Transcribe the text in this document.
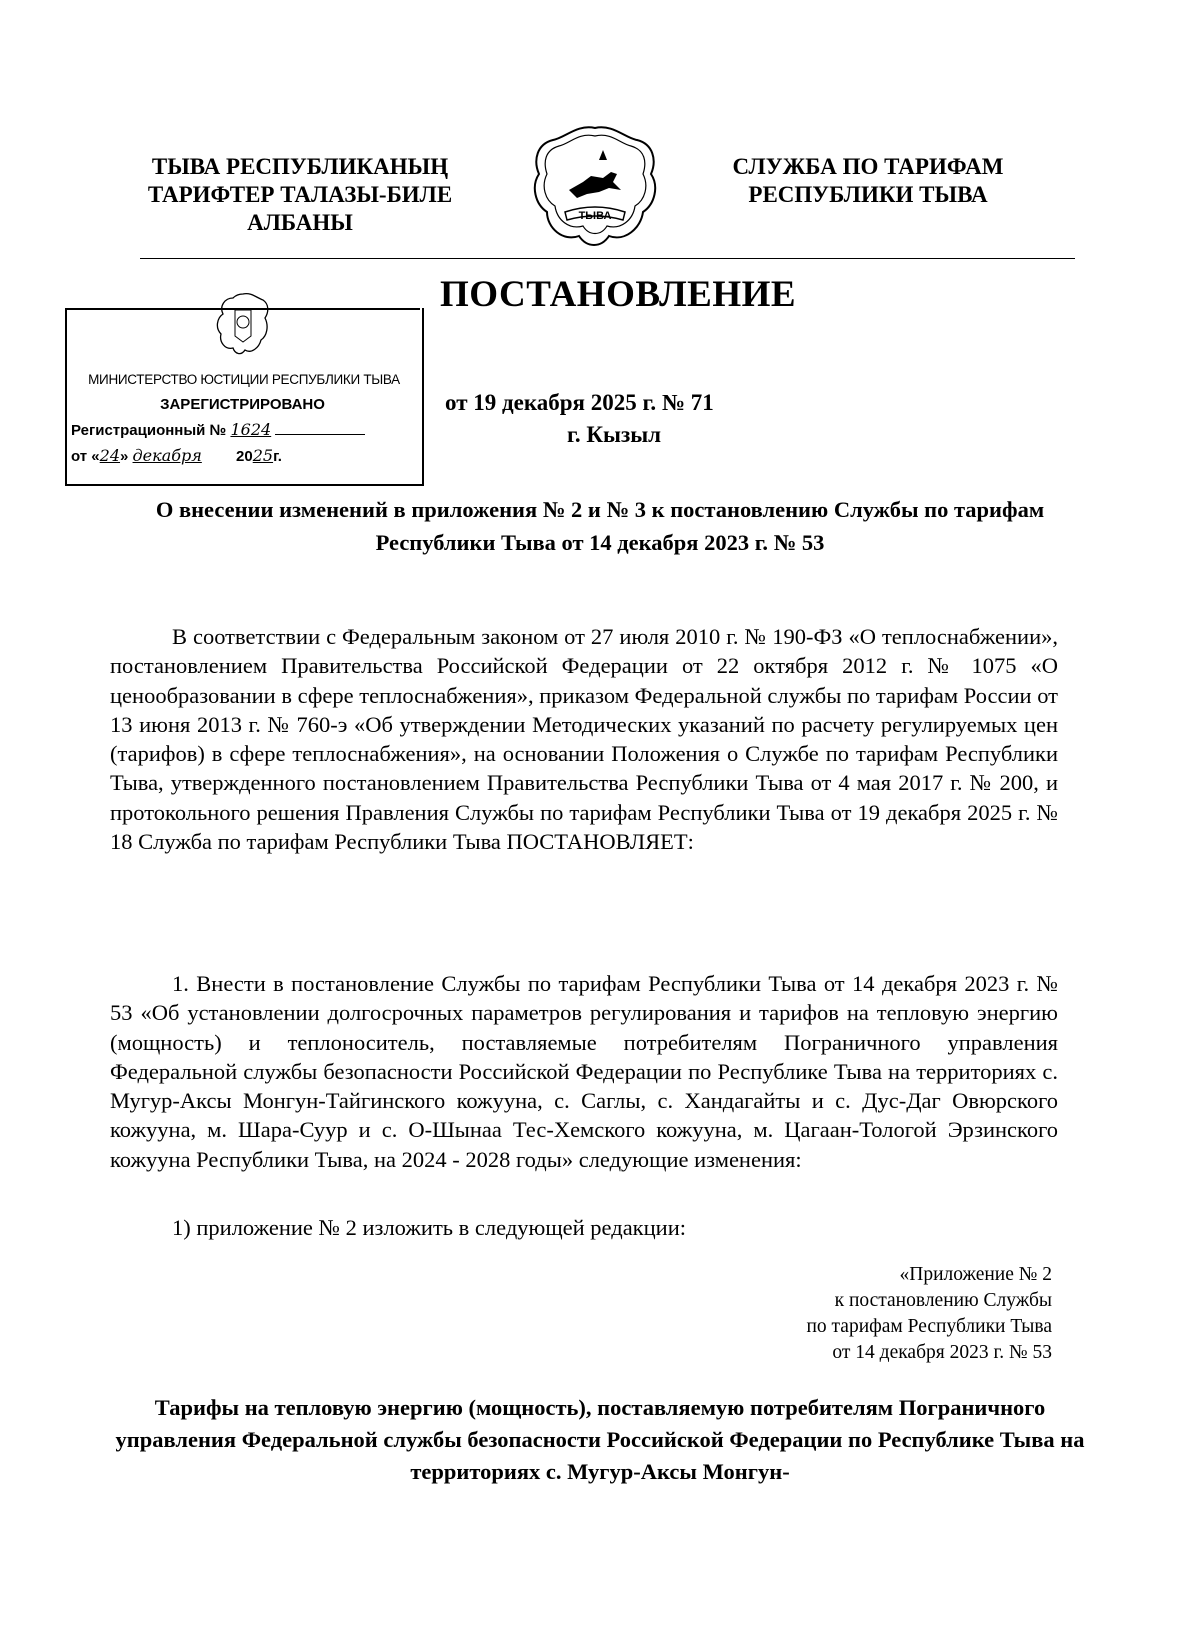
ТЫВА РЕСПУБЛИКАНЫҢ
ТАРИФТЕР ТАЛАЗЫ-БИЛЕ
АЛБАНЫ	ТЫВА
СЛУЖБА ПО ТАРИФАМ
РЕСПУБЛИКИ ТЫВА
ПОСТАНОВЛЕНИЕ
МИНИСТЕРСТВО ЮСТИЦИИ РЕСПУБЛИКИ ТЫВА
ЗАРЕГИСТРИРОВАНО
Регистрационный № 1624
от «24» декабря 2025г.
от 19 декабря 2025 г. № 71
г. Кызыл
О внесении изменений в приложения № 2 и № 3 к постановлению Службы по тарифам Республики Тыва от 14 декабря 2023 г. № 53
В соответствии с Федеральным законом от 27 июля 2010 г. № 190-ФЗ «О теплоснабжении», постановлением Правительства Российской Федерации от 22 октября 2012 г. № 1075 «О ценообразовании в сфере теплоснабжения», приказом Федеральной службы по тарифам России от 13 июня 2013 г. № 760-э «Об утверждении Методических указаний по расчету регулируемых цен (тарифов) в сфере теплоснабжения», на основании Положения о Службе по тарифам Республики Тыва, утвержденного постановлением Правительства Республики Тыва от 4 мая 2017 г. № 200, и протокольного решения Правления Службы по тарифам Республики Тыва от 19 декабря 2025 г. № 18 Служба по тарифам Республики Тыва ПОСТАНОВЛЯЕТ:
1. Внести в постановление Службы по тарифам Республики Тыва от 14 декабря 2023 г. № 53 «Об установлении долгосрочных параметров регулирования и тарифов на тепловую энергию (мощность) и теплоноситель, поставляемые потребителям Пограничного управления Федеральной службы безопасности Российской Федерации по Республике Тыва на территориях с. Мугур-Аксы Монгун-Тайгинского кожууна, с. Саглы, с. Хандагайты и с. Дус-Даг Овюрского кожууна, м. Шара-Суур и с. О-Шынаа Тес-Хемского кожууна, м. Цагаан-Тологой Эрзинского кожууна Республики Тыва, на 2024 - 2028 годы» следующие изменения:
1) приложение № 2 изложить в следующей редакции:
«Приложение № 2
к постановлению Службы
по тарифам Республики Тыва
от 14 декабря 2023 г. № 53
Тарифы на тепловую энергию (мощность), поставляемую потребителям Пограничного управления Федеральной службы безопасности Российской Федерации по Республике Тыва на территориях с. Мугур-Аксы Монгун-
